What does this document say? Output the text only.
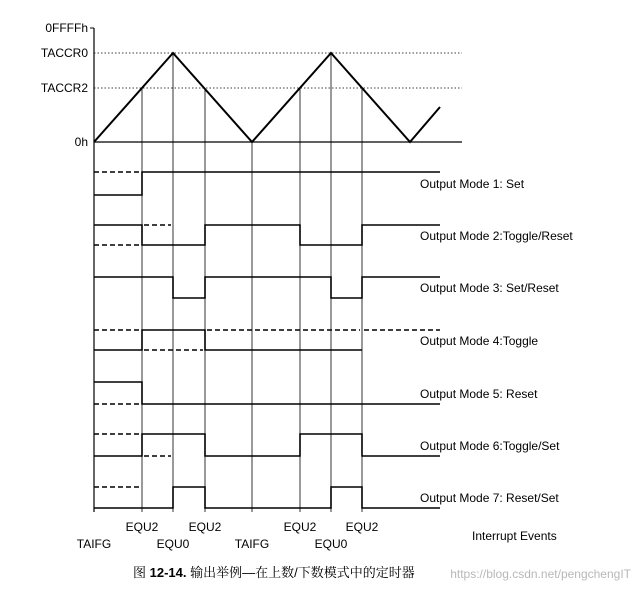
0FFFFh
TACCR0
TACCR2
0h
Output Mode 1: Set
Output Mode 2:Toggle/Reset
Output Mode 3: Set/Reset
Output Mode 4:Toggle
Output Mode 5: Reset
Output Mode 6:Toggle/Set
Output Mode 7: Reset/Set
EQU2	EQU2	EQU2 EQU2
Interrupt Events
TAIFG	EQU0	TAIFG	EQU0
https://blog.csdn.net/pengchengIT
图 12-14. 输出举例—在上数/下数模式中的定时器
